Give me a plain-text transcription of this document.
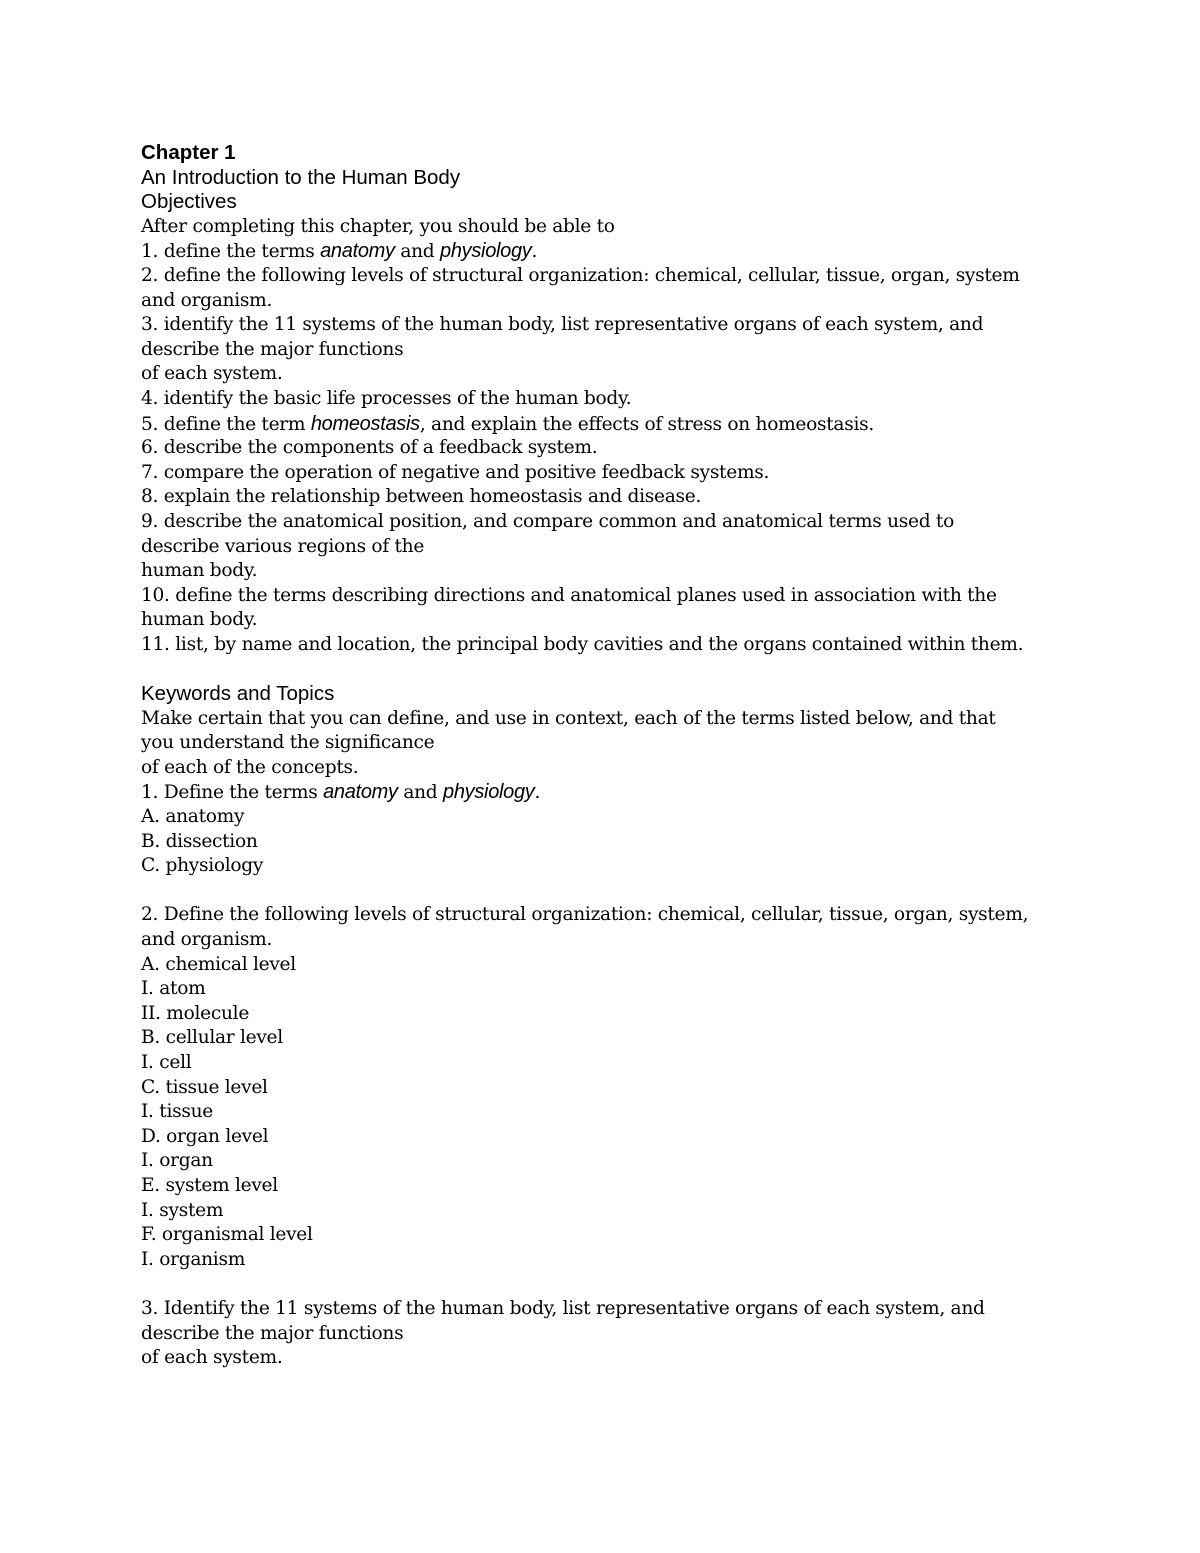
Chapter 1
An Introduction to the Human Body
Objectives
After completing this chapter, you should be able to
1. define the terms anatomy and physiology.
2. define the following levels of structural organization: chemical, cellular, tissue, organ, system
and organism.
3. identify the 11 systems of the human body, list representative organs of each system, and
describe the major functions
of each system.
4. identify the basic life processes of the human body.
5. define the term homeostasis, and explain the effects of stress on homeostasis.
6. describe the components of a feedback system.
7. compare the operation of negative and positive feedback systems.
8. explain the relationship between homeostasis and disease.
9. describe the anatomical position, and compare common and anatomical terms used to
describe various regions of the
human body.
10. define the terms describing directions and anatomical planes used in association with the
human body.
11. list, by name and location, the principal body cavities and the organs contained within them.
Keywords and Topics
Make certain that you can define, and use in context, each of the terms listed below, and that
you understand the significance
of each of the concepts.
1. Define the terms anatomy and physiology.
A. anatomy
B. dissection
C. physiology
2. Define the following levels of structural organization: chemical, cellular, tissue, organ, system,
and organism.
A. chemical level
I. atom
II. molecule
B. cellular level
I. cell
C. tissue level
I. tissue
D. organ level
I. organ
E. system level
I. system
F. organismal level
I. organism
3. Identify the 11 systems of the human body, list representative organs of each system, and
describe the major functions
of each system.
